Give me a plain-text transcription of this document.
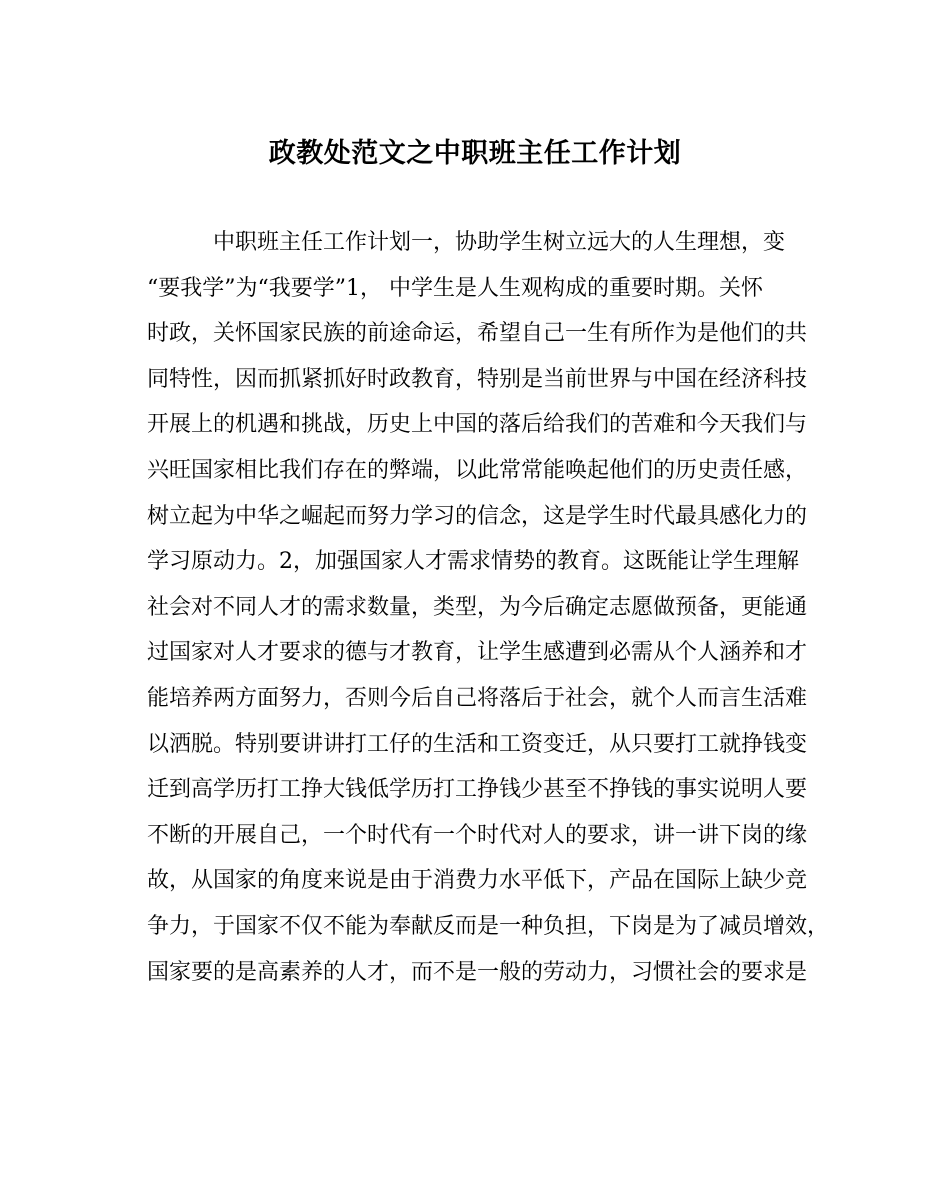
政教处范文之中职班主任工作计划
中职班主任工作计划一，协助学生树立远大的人生理想，变
“要我学”为“我要学”1， 中学生是人生观构成的重要时期。关怀
时政，关怀国家民族的前途命运，希望自己一生有所作为是他们的共
同特性，因而抓紧抓好时政教育，特别是当前世界与中国在经济科技
开展上的机遇和挑战，历史上中国的落后给我们的苦难和今天我们与
兴旺国家相比我们存在的弊端，以此常常能唤起他们的历史责任感，
树立起为中华之崛起而努力学习的信念，这是学生时代最具感化力的
学习原动力。2，加强国家人才需求情势的教育。这既能让学生理解
社会对不同人才的需求数量，类型，为今后确定志愿做预备，更能通
过国家对人才要求的德与才教育，让学生感遭到必需从个人涵养和才
能培养两方面努力，否则今后自己将落后于社会，就个人而言生活难
以洒脱。特别要讲讲打工仔的生活和工资变迁，从只要打工就挣钱变
迁到高学历打工挣大钱低学历打工挣钱少甚至不挣钱的事实说明人要
不断的开展自己，一个时代有一个时代对人的要求，讲一讲下岗的缘
故，从国家的角度来说是由于消费力水平低下，产品在国际上缺少竞
争力，于国家不仅不能为奉献反而是一种负担，下岗是为了减员增效，
国家要的是高素养的人才，而不是一般的劳动力，习惯社会的要求是
